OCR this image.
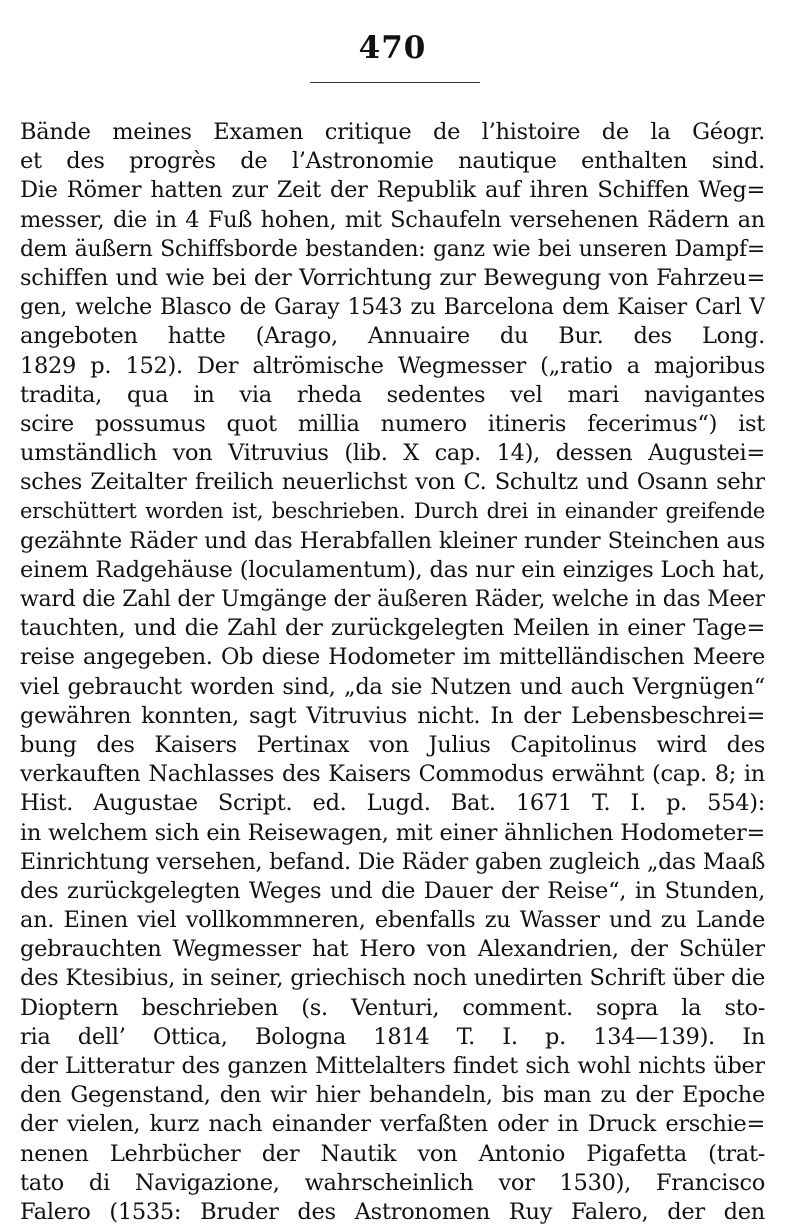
470
Bände meines Examen critique de l’histoire de la Géogr.
et des progrès de l’Astronomie nautique enthalten sind.
Die Römer hatten zur Zeit der Republik auf ihren Schiffen Weg=
messer, die in 4 Fuß hohen, mit Schaufeln versehenen Rädern an
dem äußern Schiffsborde bestanden: ganz wie bei unseren Dampf=
schiffen und wie bei der Vorrichtung zur Bewegung von Fahrzeu=
gen, welche Blasco de Garay 1543 zu Barcelona dem Kaiser Carl V
angeboten hatte (Arago, Annuaire du Bur. des Long.
1829 p. 152). Der altrömische Wegmesser („ratio a majoribus
tradita, qua in via rheda sedentes vel mari navigantes
scire possumus quot millia numero itineris fecerimus“) ist
umständlich von Vitruvius (lib. X cap. 14), dessen Augustei=
sches Zeitalter freilich neuerlichst von C. Schultz und Osann sehr
erschüttert worden ist, beschrieben. Durch drei in einander greifende
gezähnte Räder und das Herabfallen kleiner runder Steinchen aus
einem Radgehäuse (loculamentum), das nur ein einziges Loch hat,
ward die Zahl der Umgänge der äußeren Räder, welche in das Meer
tauchten, und die Zahl der zurückgelegten Meilen in einer Tage=
reise angegeben. Ob diese Hodometer im mittelländischen Meere
viel gebraucht worden sind, „da sie Nutzen und auch Vergnügen“
gewähren konnten, sagt Vitruvius nicht. In der Lebensbeschrei=
bung des Kaisers Pertinax von Julius Capitolinus wird des
verkauften Nachlasses des Kaisers Commodus erwähnt (cap. 8; in
Hist. Augustae Script. ed. Lugd. Bat. 1671 T. I. p. 554):
in welchem sich ein Reisewagen, mit einer ähnlichen Hodometer=
Einrichtung versehen, befand. Die Räder gaben zugleich „das Maaß
des zurückgelegten Weges und die Dauer der Reise“, in Stunden,
an. Einen viel vollkommneren, ebenfalls zu Wasser und zu Lande
gebrauchten Wegmesser hat Hero von Alexandrien, der Schüler
des Ktesibius, in seiner, griechisch noch unedirten Schrift über die
Dioptern beschrieben (s. Venturi, comment. sopra la sto-
ria dell’ Ottica, Bologna 1814 T. I. p. 134—139). In
der Litteratur des ganzen Mittelalters findet sich wohl nichts über
den Gegenstand, den wir hier behandeln, bis man zu der Epoche
der vielen, kurz nach einander verfaßten oder in Druck erschie=
nenen Lehrbücher der Nautik von Antonio Pigafetta (trat-
tato di Navigazione, wahrscheinlich vor 1530), Francisco
Falero (1535: Bruder des Astronomen Ruy Falero, der den
